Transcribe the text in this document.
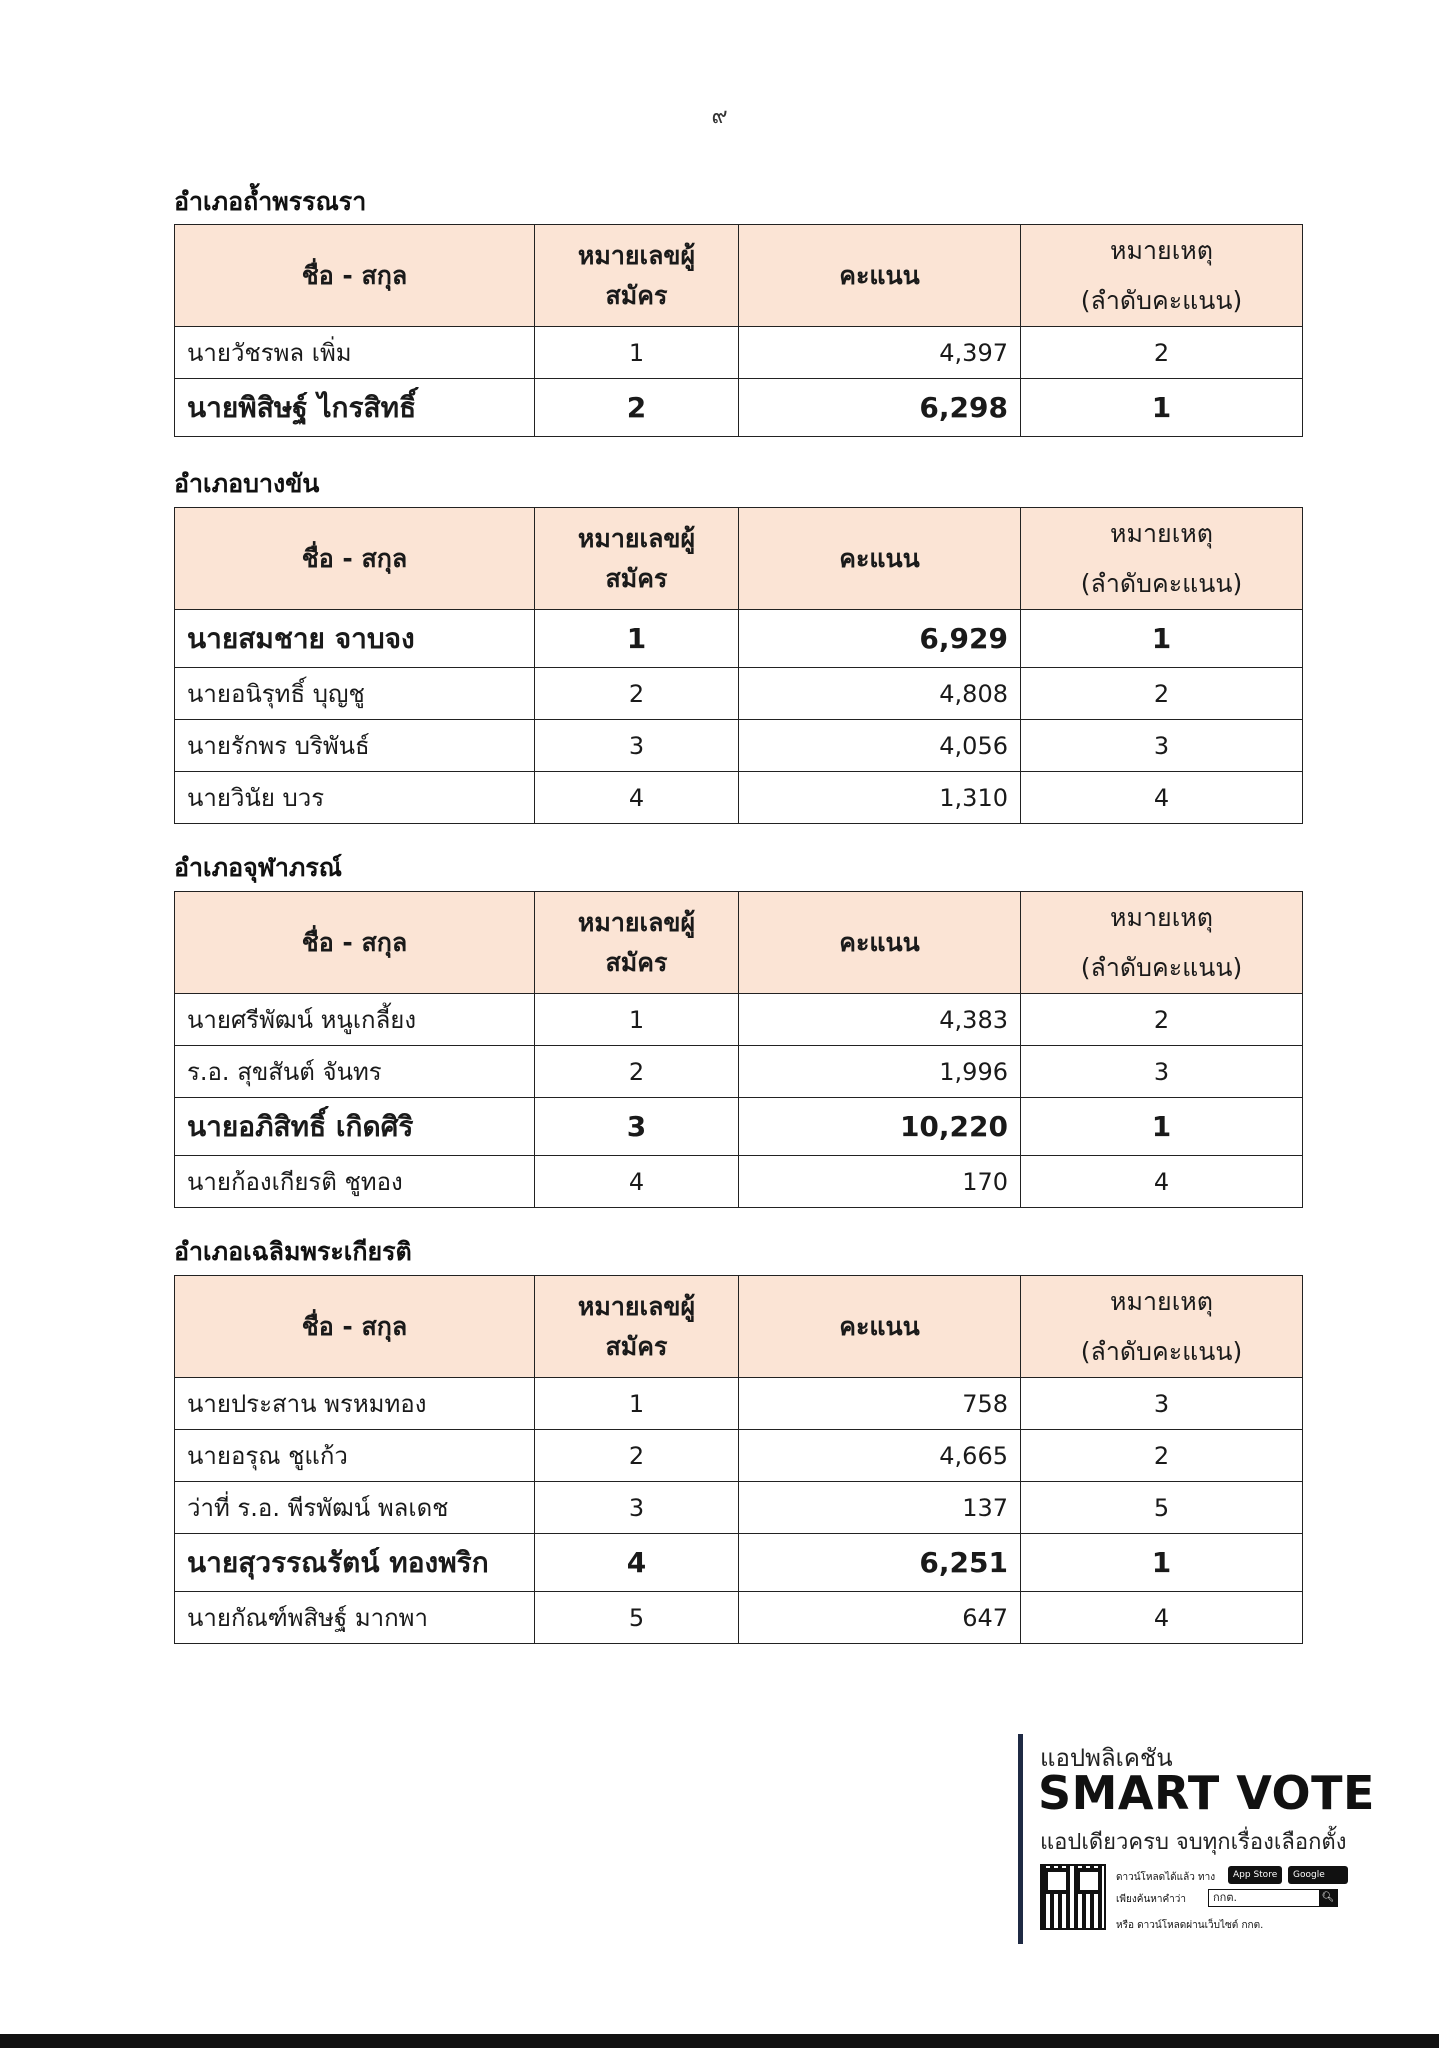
๙
อำเภอถ้ำพรรณรา
ชื่อ - สกุล	หมายเลขผู้สมัคร	คะแนน	หมายเหตุ
(ลำดับคะแนน)

นายวัชรพล เพิ่ม	1	4,397	2
นายพิสิษฐ์ ไกรสิทธิ์	2	6,298	1
อำเภอบางขัน
ชื่อ - สกุล	หมายเลขผู้สมัคร	คะแนน	หมายเหตุ
(ลำดับคะแนน)

นายสมชาย จาบจง	1	6,929	1
นายอนิรุทธิ์ บุญชู	2	4,808	2
นายรักพร บริพันธ์	3	4,056	3
นายวินัย บวร	4	1,310	4
อำเภอจุฬาภรณ์
ชื่อ - สกุล	หมายเลขผู้สมัคร	คะแนน	หมายเหตุ
(ลำดับคะแนน)

นายศรีพัฒน์ หนูเกลี้ยง	1	4,383	2
ร.อ. สุขสันต์ จันทร	2	1,996	3
นายอภิสิทธิ์ เกิดศิริ	3	10,220	1
นายก้องเกียรติ ชูทอง	4	170	4
อำเภอเฉลิมพระเกียรติ
ชื่อ - สกุล	หมายเลขผู้สมัคร	คะแนน	หมายเหตุ
(ลำดับคะแนน)

นายประสาน พรหมทอง	1	758	3
นายอรุณ ชูแก้ว	2	4,665	2
ว่าที่ ร.อ. พีรพัฒน์ พลเดช	3	137	5
นายสุวรรณรัตน์ ทองพริก	4	6,251	1
นายกัณฑ์พสิษฐ์ มากพา	5	647	4
แอปพลิเคชัน
SMART VOTE
แอปเดียวครบ จบทุกเรื่องเลือกตั้ง
ดาวน์โหลดได้แล้ว ทาง	App Store	Google play
เพียงค้นหาคำว่า	กกต.	🔍︎
หรือ ดาวน์โหลดผ่านเว็บไซต์ กกต.
